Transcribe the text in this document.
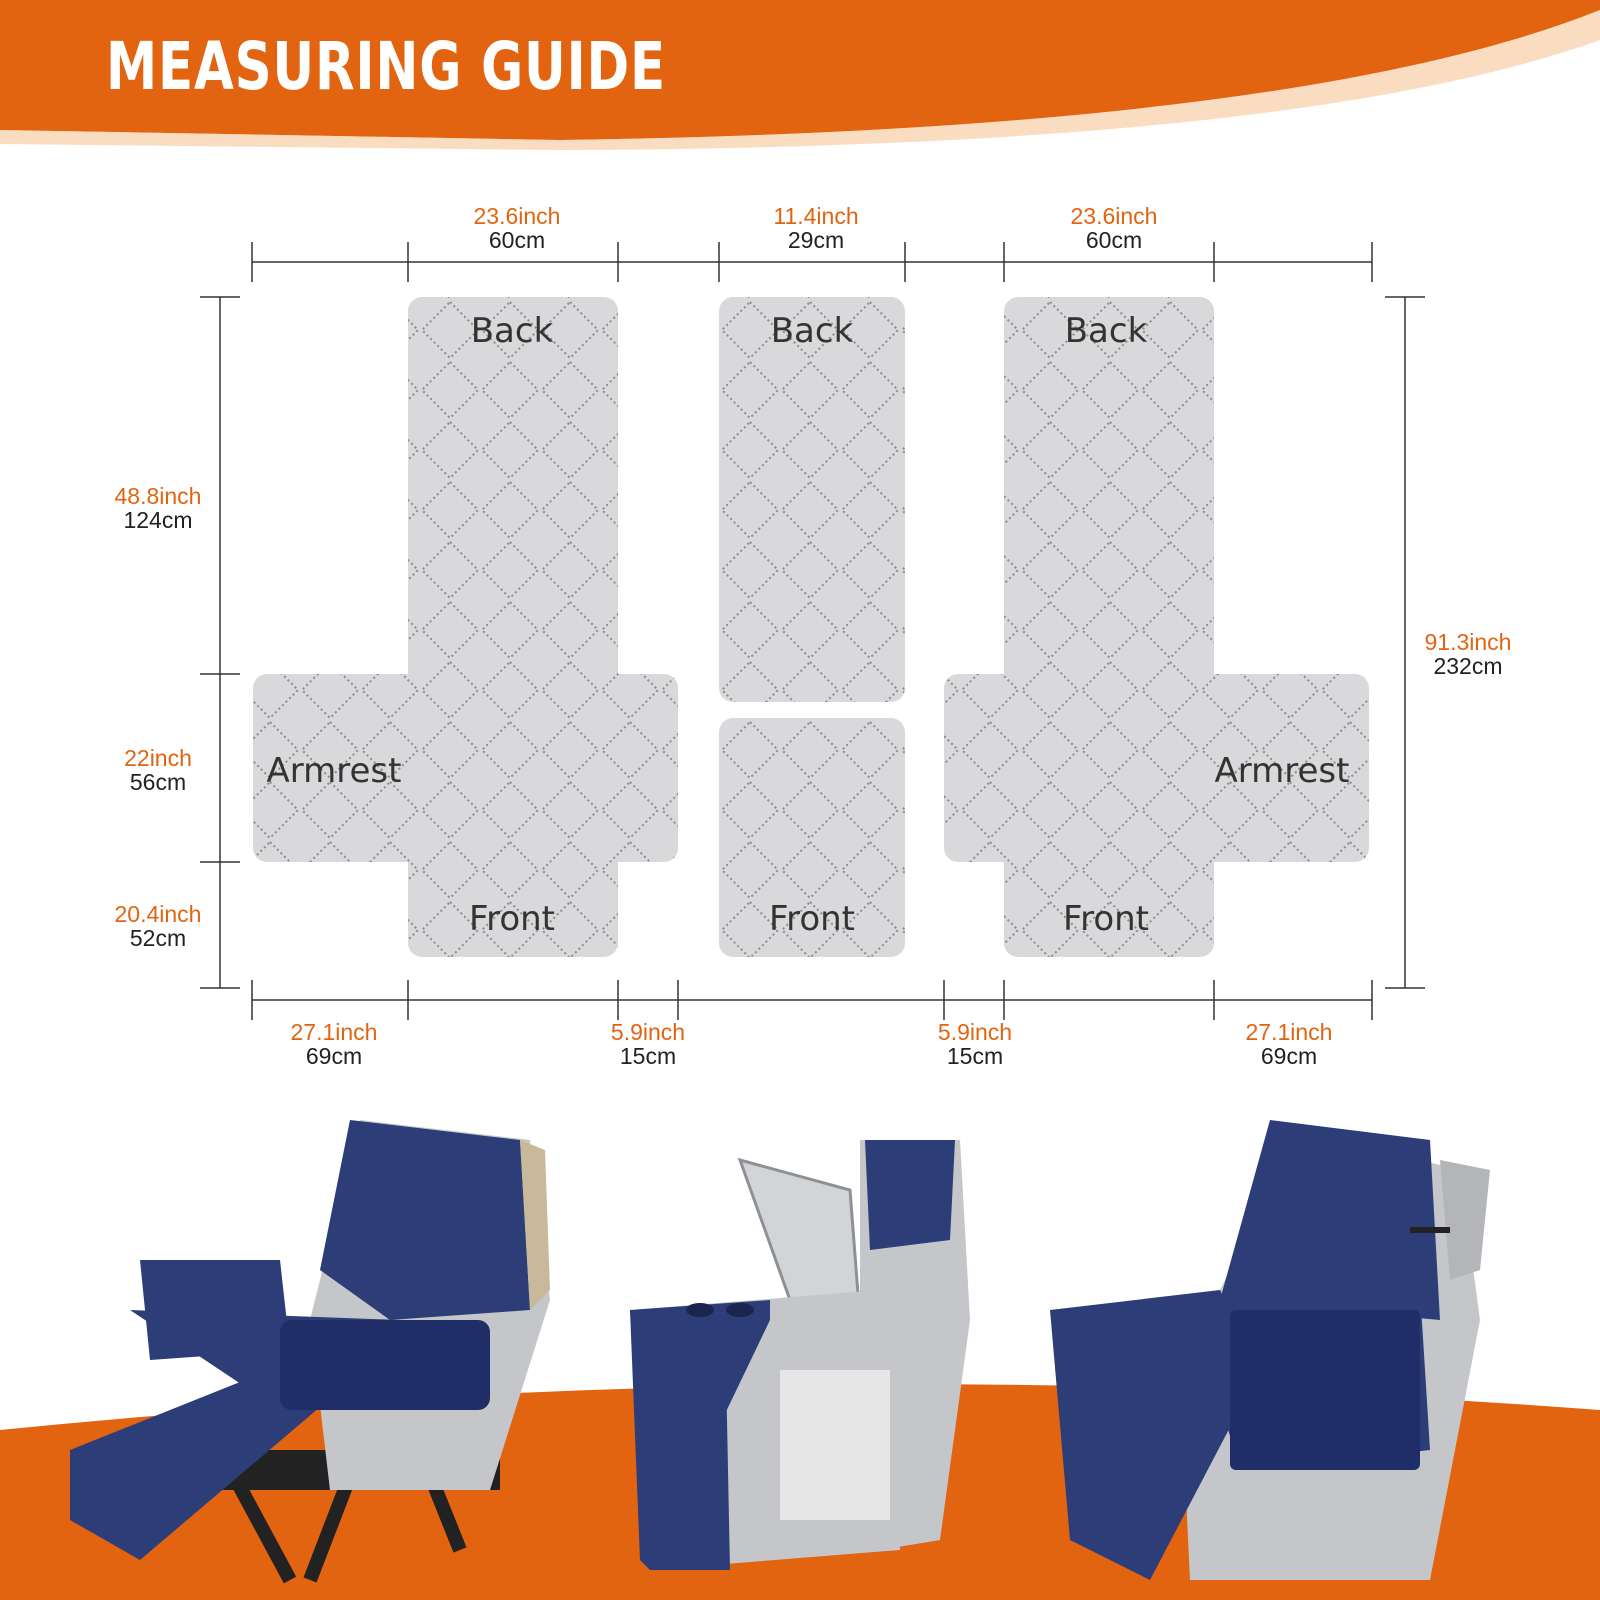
MEASURING GUIDE
Back
Armrest
Front
Back
Front
Back
Armrest
Front
23.6inch
60cm
11.4inch
29cm
23.6inch
60cm
48.8inch
124cm
22inch
56cm
20.4inch
52cm
91.3inch
232cm
27.1inch
69cm
5.9inch
15cm
5.9inch
15cm
27.1inch
69cm
